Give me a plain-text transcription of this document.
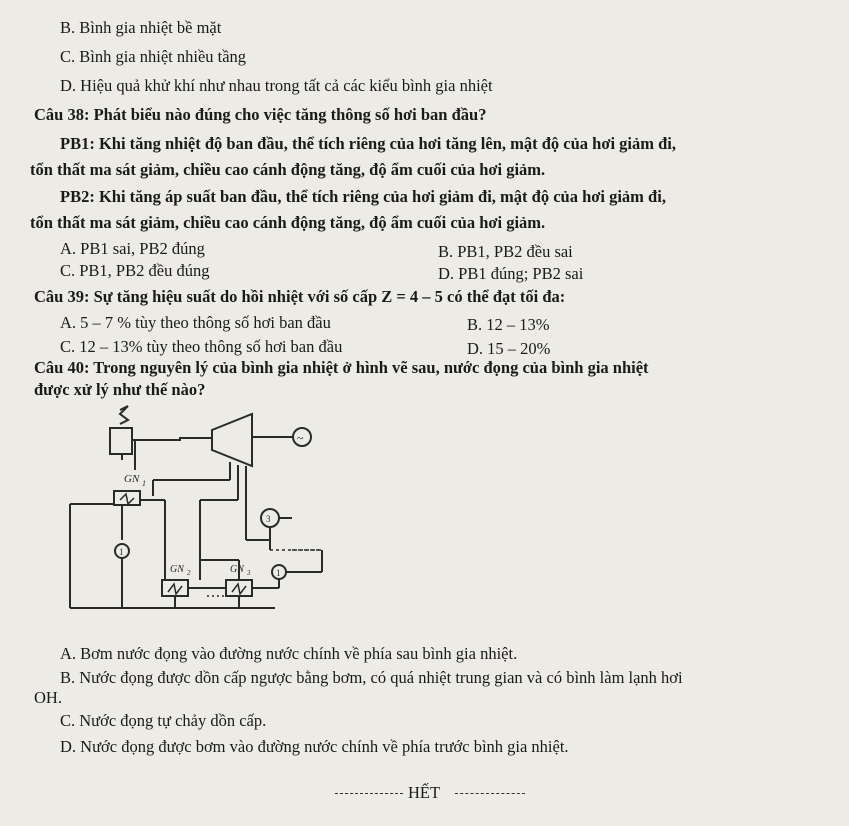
B. Bình gia nhiệt bề mặt
C. Bình gia nhiệt nhiều tầng
D. Hiệu quả khử khí như nhau trong tất cả các kiểu bình gia nhiệt
Câu 38: Phát biểu nào đúng cho việc tăng thông số hơi ban đầu?
PB1: Khi tăng nhiệt độ ban đầu, thể tích riêng của hơi tăng lên, mật độ của hơi giảm đi,
tổn thất ma sát giảm, chiều cao cánh động tăng, độ ẩm cuối của hơi giảm.
PB2: Khi tăng áp suất ban đầu, thể tích riêng của hơi giảm đi, mật độ của hơi giảm đi,
tổn thất ma sát giảm, chiều cao cánh động tăng, độ ẩm cuối của hơi giảm.
A. PB1 sai, PB2 đúng	B. PB1, PB2 đều sai
C. PB1, PB2 đều đúng	D. PB1 đúng; PB2 sai
Câu 39: Sự tăng hiệu suất do hồi nhiệt với số cấp Z = 4 – 5 có thể đạt tối đa:
A. 5 – 7 % tùy theo thông số hơi ban đầu	B. 12 – 13%
C. 12 – 13% tùy theo thông số hơi ban đầu	D. 15 – 20%
Câu 40: Trong nguyên lý của bình gia nhiệt ở hình vẽ sau, nước đọng của bình gia nhiệt
được xử lý như thế nào?
~
GN 1
1
GN 2	GN 3
3
1
A. Bơm nước đọng vào đường nước chính về phía sau bình gia nhiệt.
B. Nước đọng được dồn cấp ngược bằng bơm, có quá nhiệt trung gian và có bình làm lạnh hơi
OH.
C. Nước đọng tự chảy dồn cấp.
D. Nước đọng được bơm vào đường nước chính về phía trước bình gia nhiệt.
HẾT
